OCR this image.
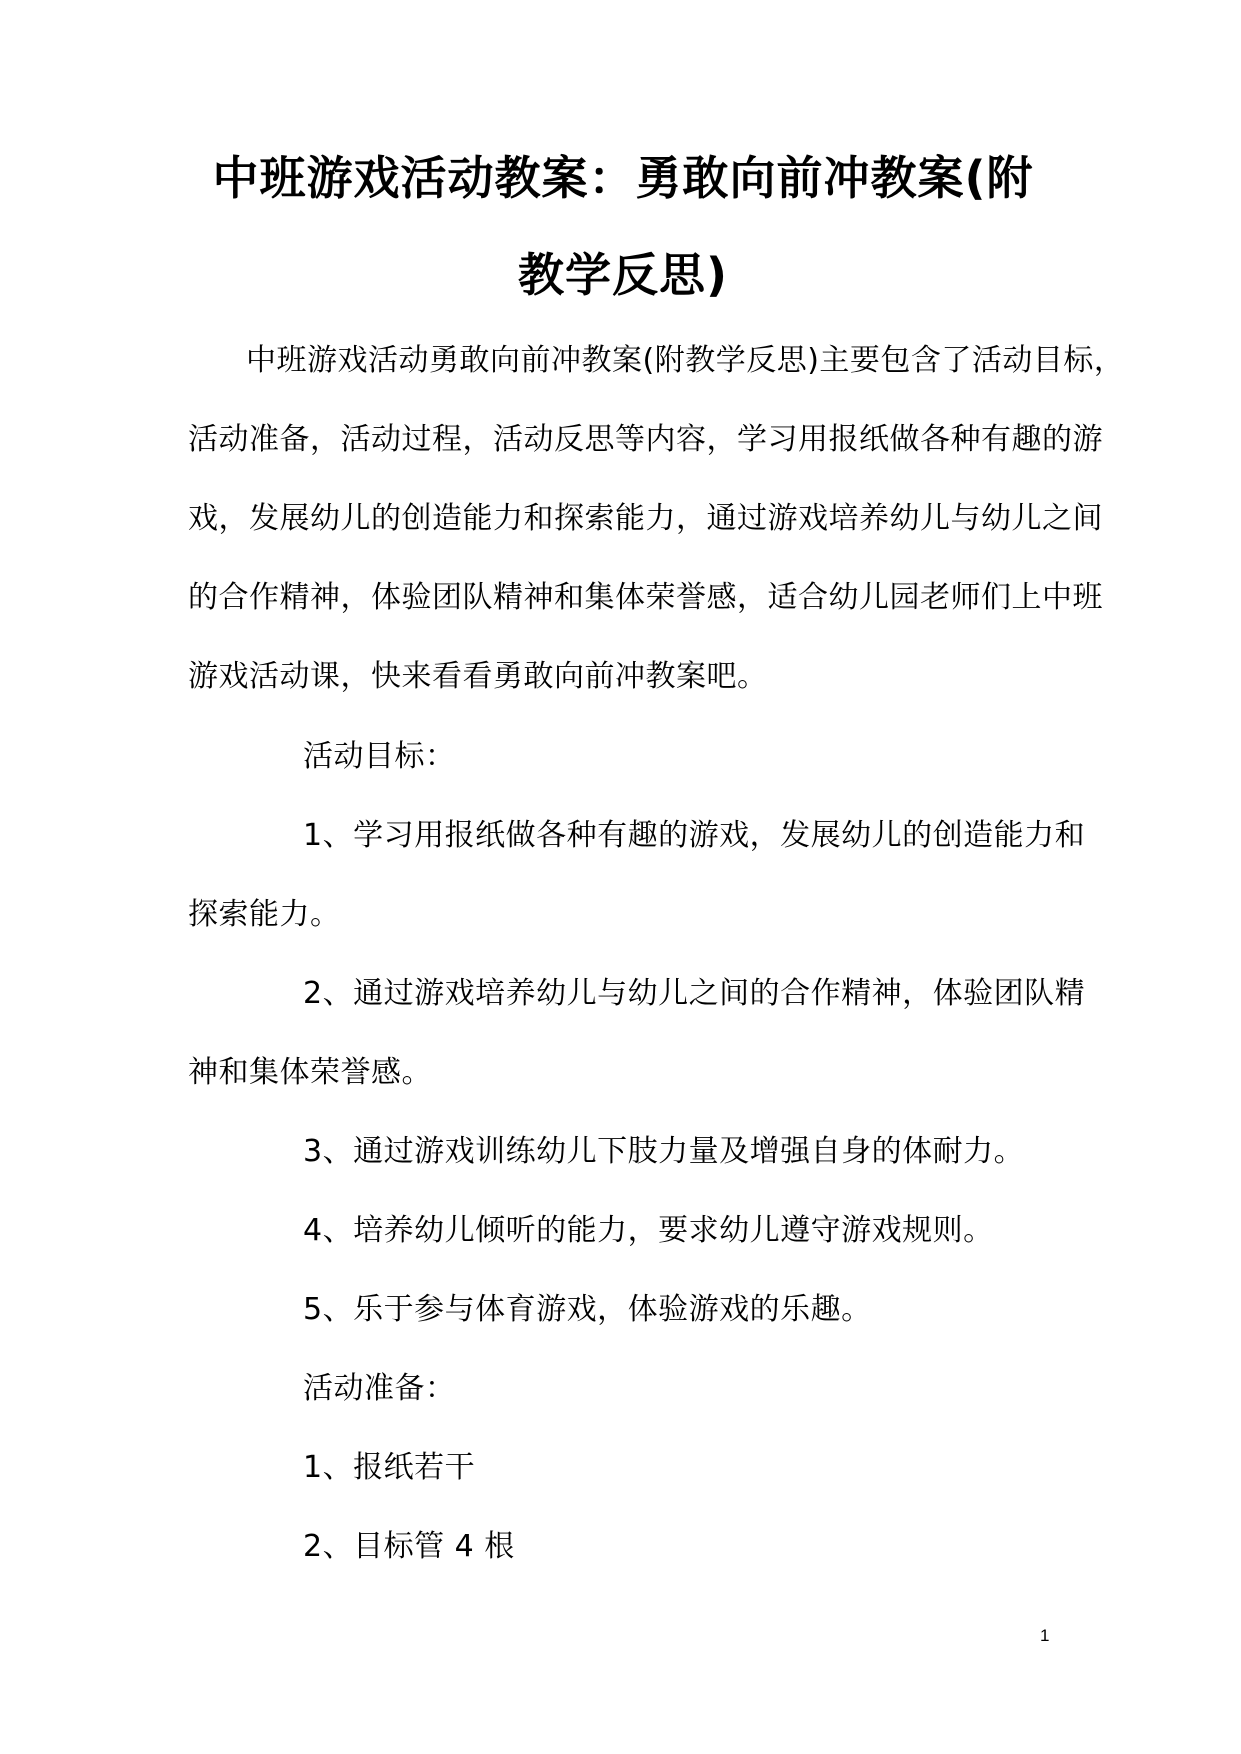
中班游戏活动教案：勇敢向前冲教案(附
教学反思)
中班游戏活动勇敢向前冲教案(附教学反思)主要包含了活动目标，
活动准备，活动过程，活动反思等内容，学习用报纸做各种有趣的游
戏，发展幼儿的创造能力和探索能力，通过游戏培养幼儿与幼儿之间
的合作精神，体验团队精神和集体荣誉感，适合幼儿园老师们上中班
游戏活动课，快来看看勇敢向前冲教案吧。
活动目标：
1、学习用报纸做各种有趣的游戏，发展幼儿的创造能力和
探索能力。
2、通过游戏培养幼儿与幼儿之间的合作精神，体验团队精
神和集体荣誉感。
3、通过游戏训练幼儿下肢力量及增强自身的体耐力。
4、培养幼儿倾听的能力，要求幼儿遵守游戏规则。
5、乐于参与体育游戏，体验游戏的乐趣。
活动准备：
1、报纸若干
2、目标管 4 根
1
